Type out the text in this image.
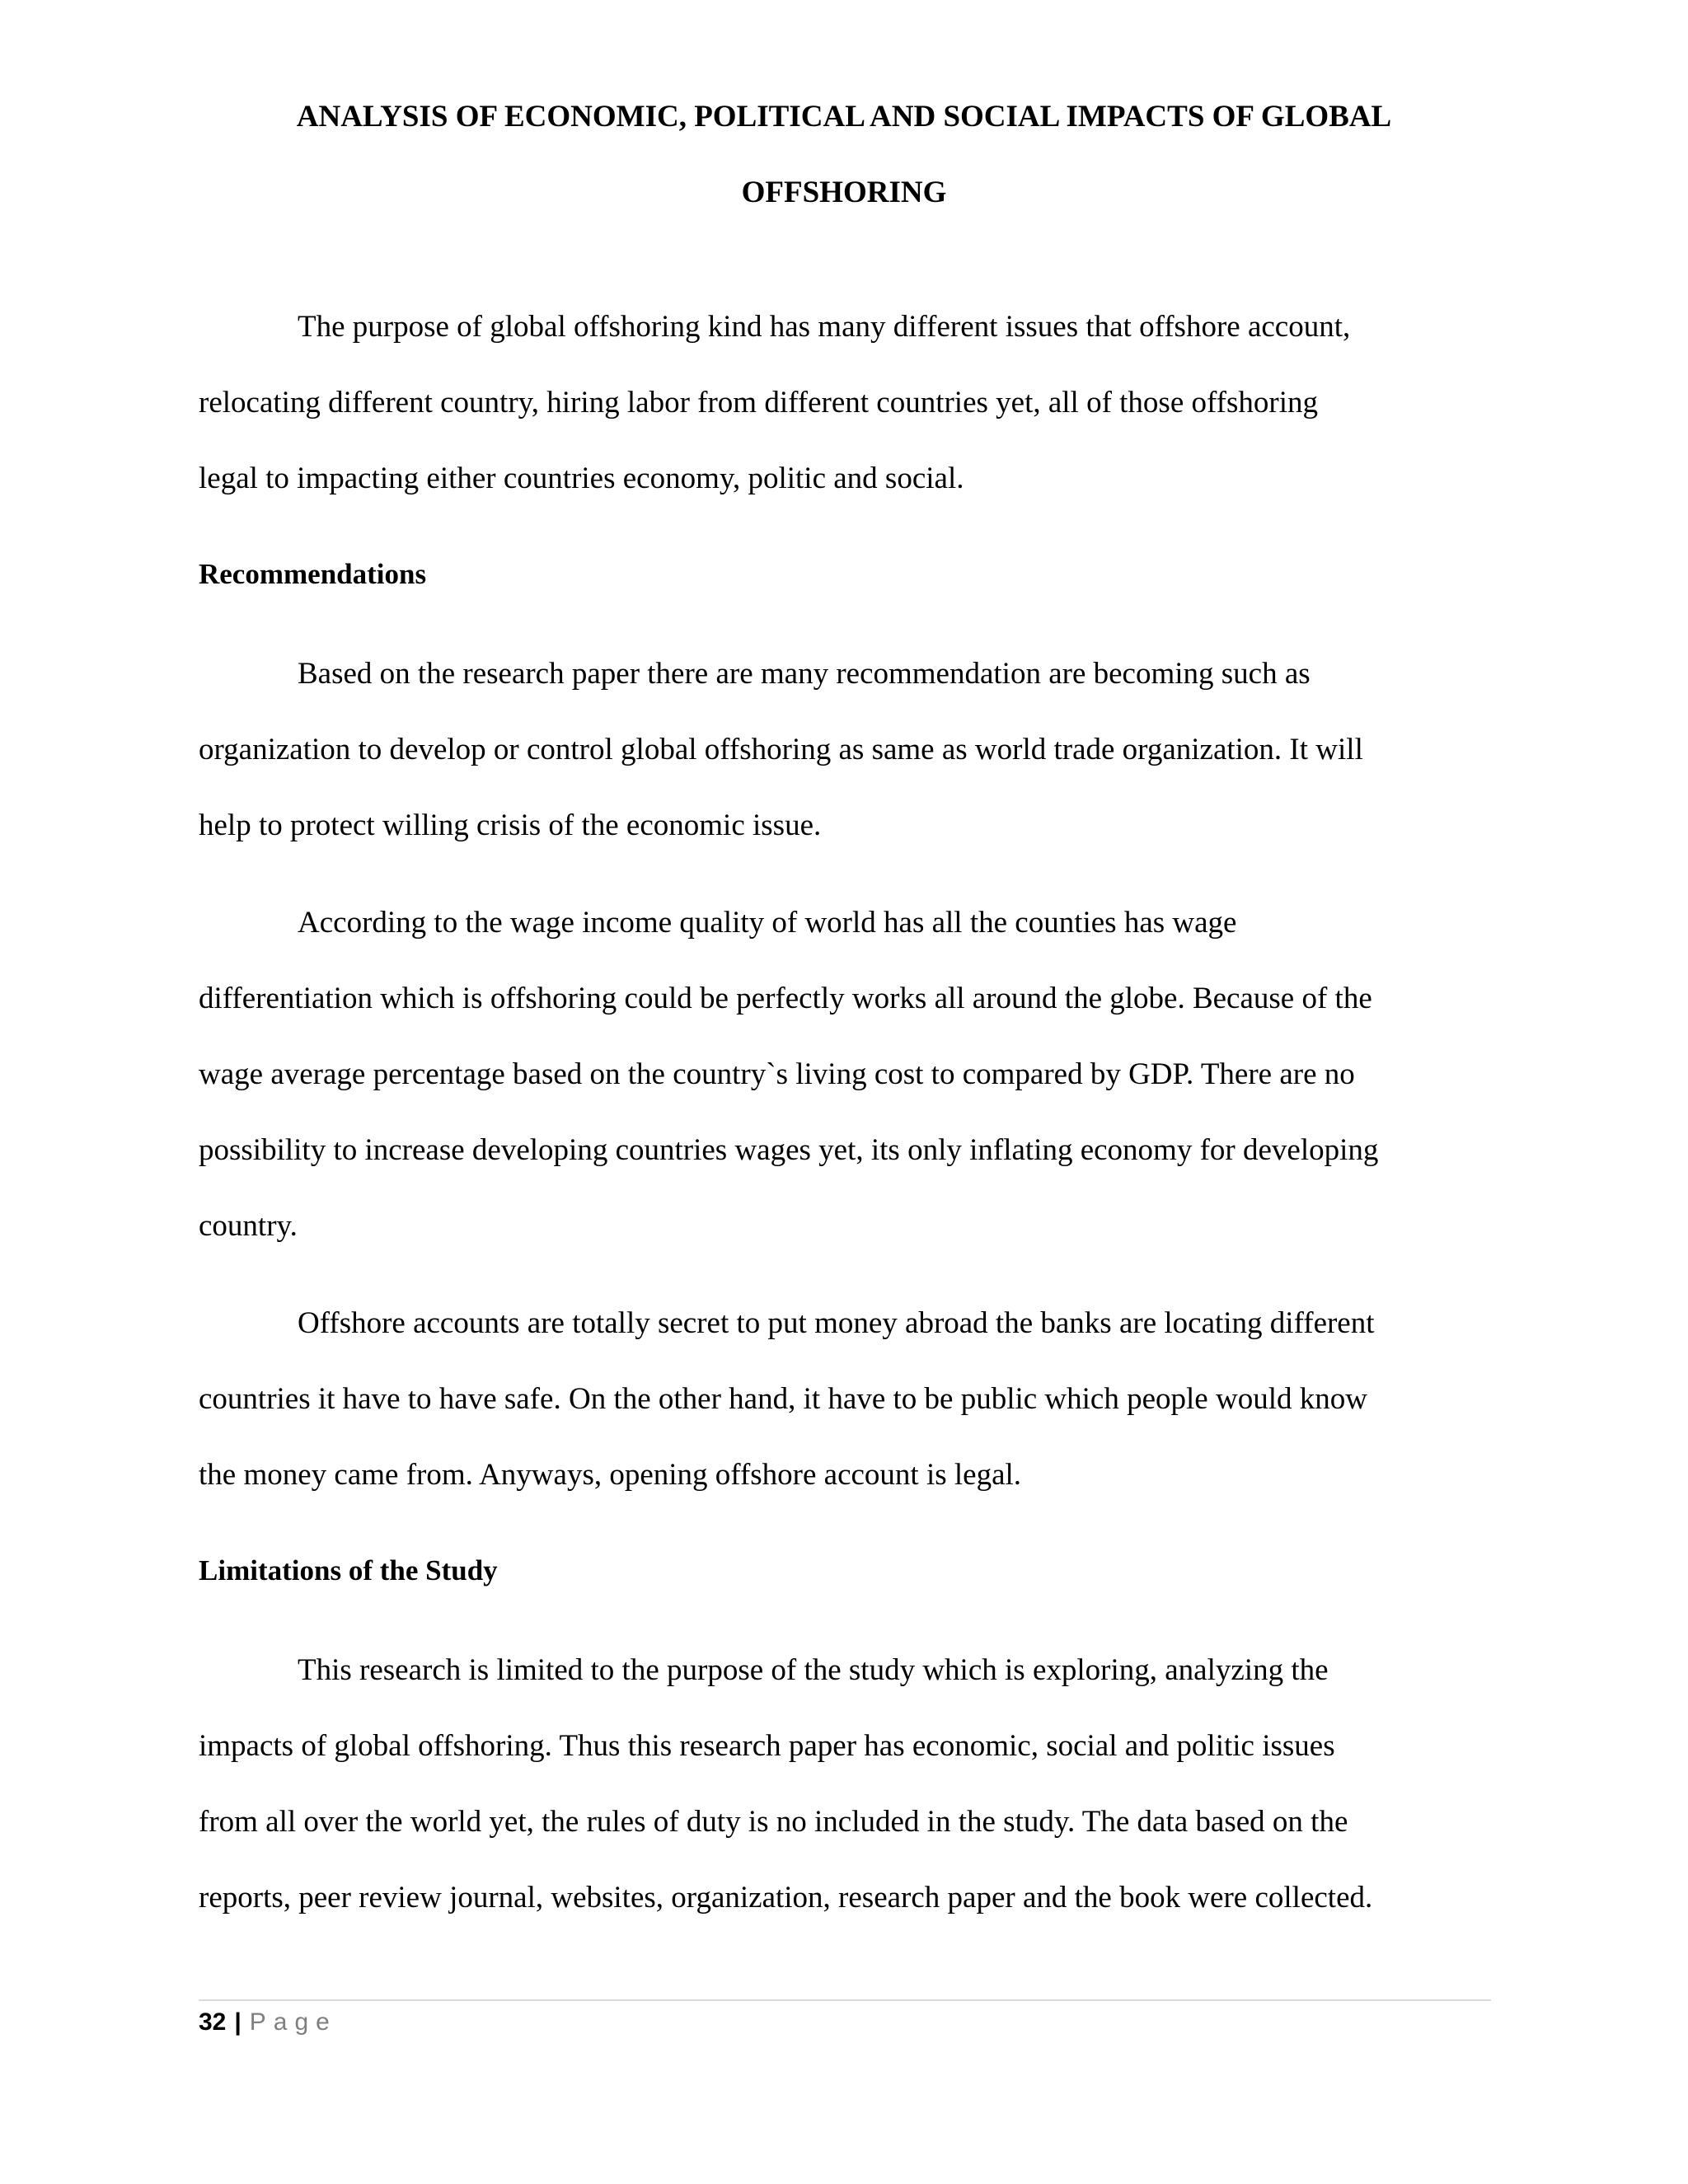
ANALYSIS OF ECONOMIC, POLITICAL AND SOCIAL IMPACTS OF GLOBAL
OFFSHORING
The purpose of global offshoring kind has many different issues that offshore account,
relocating different country, hiring labor from different countries yet, all of those offshoring
legal to impacting either countries economy, politic and social.
Recommendations
Based on the research paper there are many recommendation are becoming such as
organization to develop or control global offshoring as same as world trade organization. It will
help to protect willing crisis of the economic issue.
According to the wage income quality of world has all the counties has wage
differentiation which is offshoring could be perfectly works all around the globe. Because of the
wage average percentage based on the country`s living cost to compared by GDP. There are no
possibility to increase developing countries wages yet, its only inflating economy for developing
country.
Offshore accounts are totally secret to put money abroad the banks are locating different
countries it have to have safe. On the other hand, it have to be public which people would know
the money came from. Anyways, opening offshore account is legal.
Limitations of the Study
This research is limited to the purpose of the study which is exploring, analyzing the
impacts of global offshoring. Thus this research paper has economic, social and politic issues
from all over the world yet, the rules of duty is no included in the study. The data based on the
reports, peer review journal, websites, organization, research paper and the book were collected.
32 | Page
